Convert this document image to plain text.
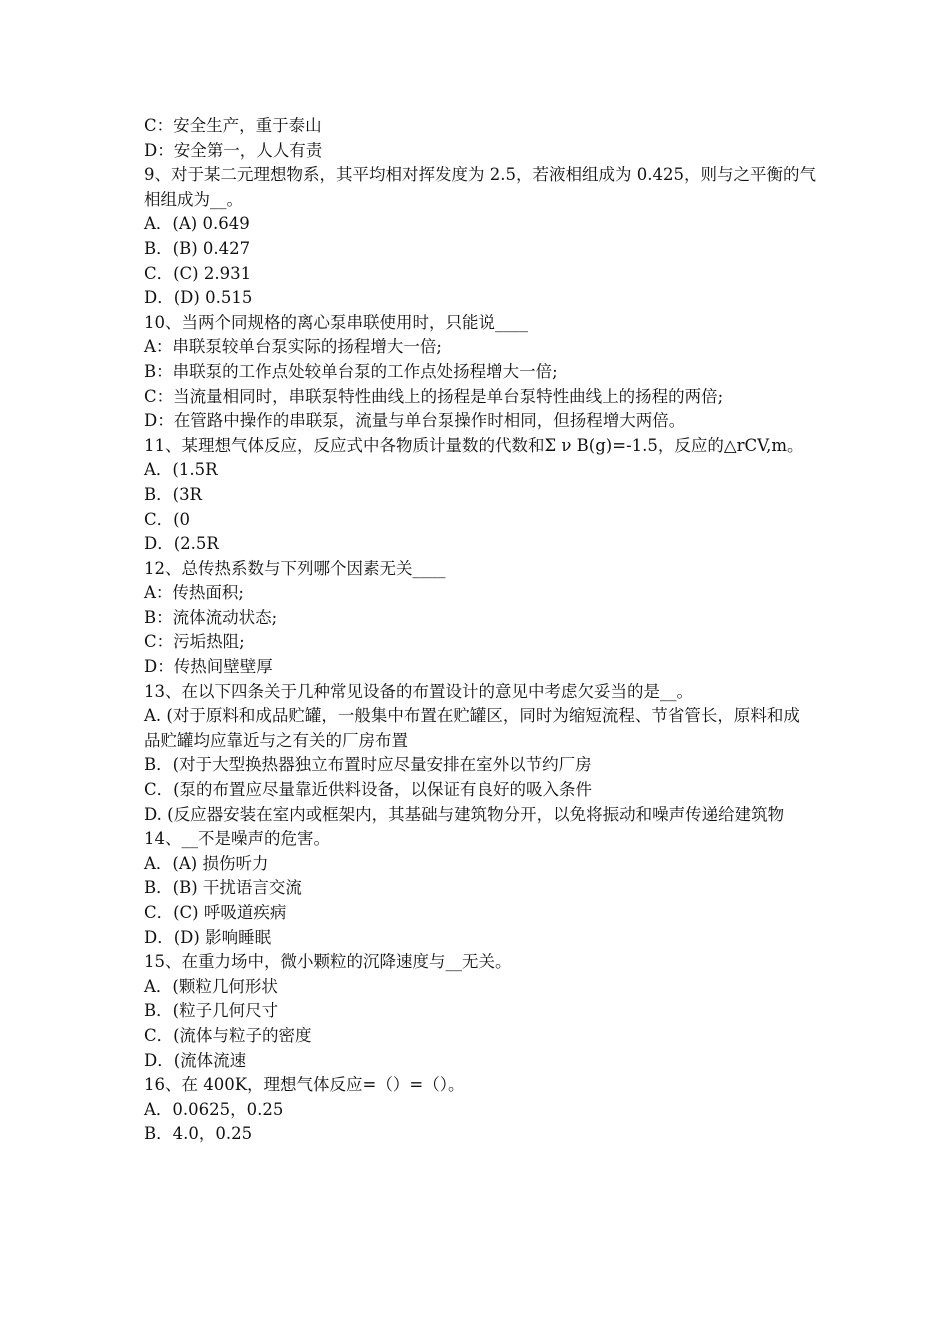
C：安全生产，重于泰山

D：安全第一，人人有责

9、对于某二元理想物系，其平均相对挥发度为 2.5，若液相组成为 0.425，则与之平衡的气相组成为__。

A．(A) 0.649

B．(B) 0.427

C．(C) 2.931

D．(D) 0.515

10、当两个同规格的离心泵串联使用时，只能说____

A：串联泵较单台泵实际的扬程增大一倍;

B：串联泵的工作点处较单台泵的工作点处扬程增大一倍;

C：当流量相同时，串联泵特性曲线上的扬程是单台泵特性曲线上的扬程的两倍;

D：在管路中操作的串联泵，流量与单台泵操作时相同，但扬程增大两倍。

11、某理想气体反应，反应式中各物质计量数的代数和Σ ν B(g)=-1.5，反应的△rCV,m。

A．(1.5R

B．(3R

C．(0

D．(2.5R

12、总传热系数与下列哪个因素无关____

A：传热面积;

B：流体流动状态;

C：污垢热阻;

D：传热间壁壁厚

13、在以下四条关于几种常见设备的布置设计的意见中考虑欠妥当的是__。

A. (对于原料和成品贮罐，一般集中布置在贮罐区，同时为缩短流程、节省管长，原料和成品贮罐均应靠近与之有关的厂房布置

B．(对于大型换热器独立布置时应尽量安排在室外以节约厂房

C．(泵的布置应尽量靠近供料设备，以保证有良好的吸入条件

D. (反应器安装在室内或框架内，其基础与建筑物分开，以免将振动和噪声传递给建筑物

14、__不是噪声的危害。

A．(A) 损伤听力

B．(B) 干扰语言交流

C．(C) 呼吸道疾病

D．(D) 影响睡眠

15、在重力场中，微小颗粒的沉降速度与__无关。

A．(颗粒几何形状

B．(粒子几何尺寸

C．(流体与粒子的密度

D．(流体流速

16、在 400K，理想气体反应=（）=（）。

A．0.0625，0.25

B．4.0，0.25
